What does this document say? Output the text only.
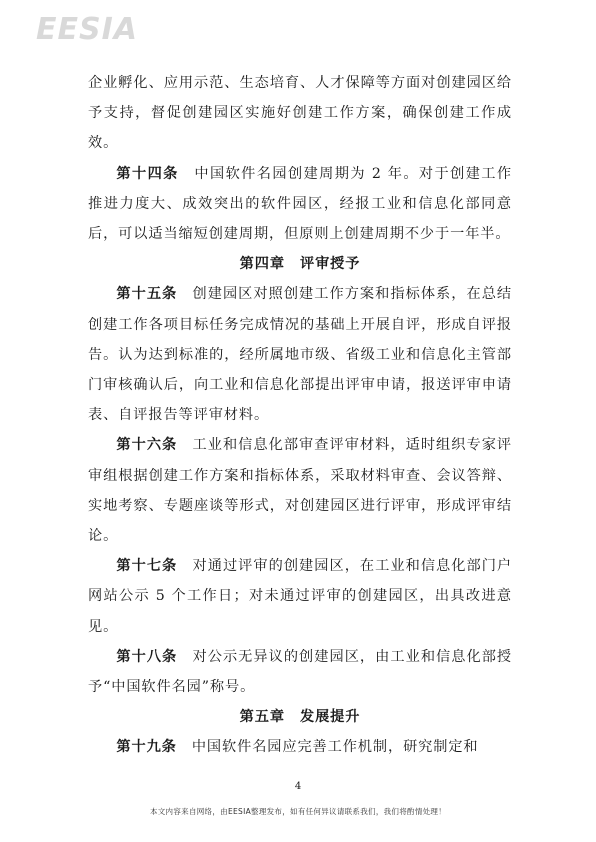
EESIA

企业孵化、应用示范、生态培育、人才保障等方面对创建园区给予支持，督促创建园区实施好创建工作方案，确保创建工作成效。

第十四条　 中国软件名园创建周期为 2 年。对于创建工作推进力度大、成效突出的软件园区，经报工业和信息化部同意后，可以适当缩短创建周期，但原则上创建周期不少于一年半。

第四章　评审授予

第十五条　 创建园区对照创建工作方案和指标体系，在总结创建工作各项目标任务完成情况的基础上开展自评，形成自评报告。认为达到标准的，经所属地市级、省级工业和信息化主管部门审核确认后，向工业和信息化部提出评审申请，报送评审申请表、自评报告等评审材料。

第十六条　 工业和信息化部审查评审材料，适时组织专家评审组根据创建工作方案和指标体系，采取材料审查、会议答辩、实地考察、专题座谈等形式，对创建园区进行评审，形成评审结论。

第十七条　 对通过评审的创建园区，在工业和信息化部门户网站公示 5 个工作日；对未通过评审的创建园区，出具改进意见。

第十八条　 对公示无异议的创建园区，由工业和信息化部授予“中国软件名园”称号。

第五章　发展提升

第十九条　 中国软件名园应完善工作机制，研究制定和

4
本文内容来自网络，由EESIA整理发布，如有任何异议请联系我们，我们将酌情处理！
